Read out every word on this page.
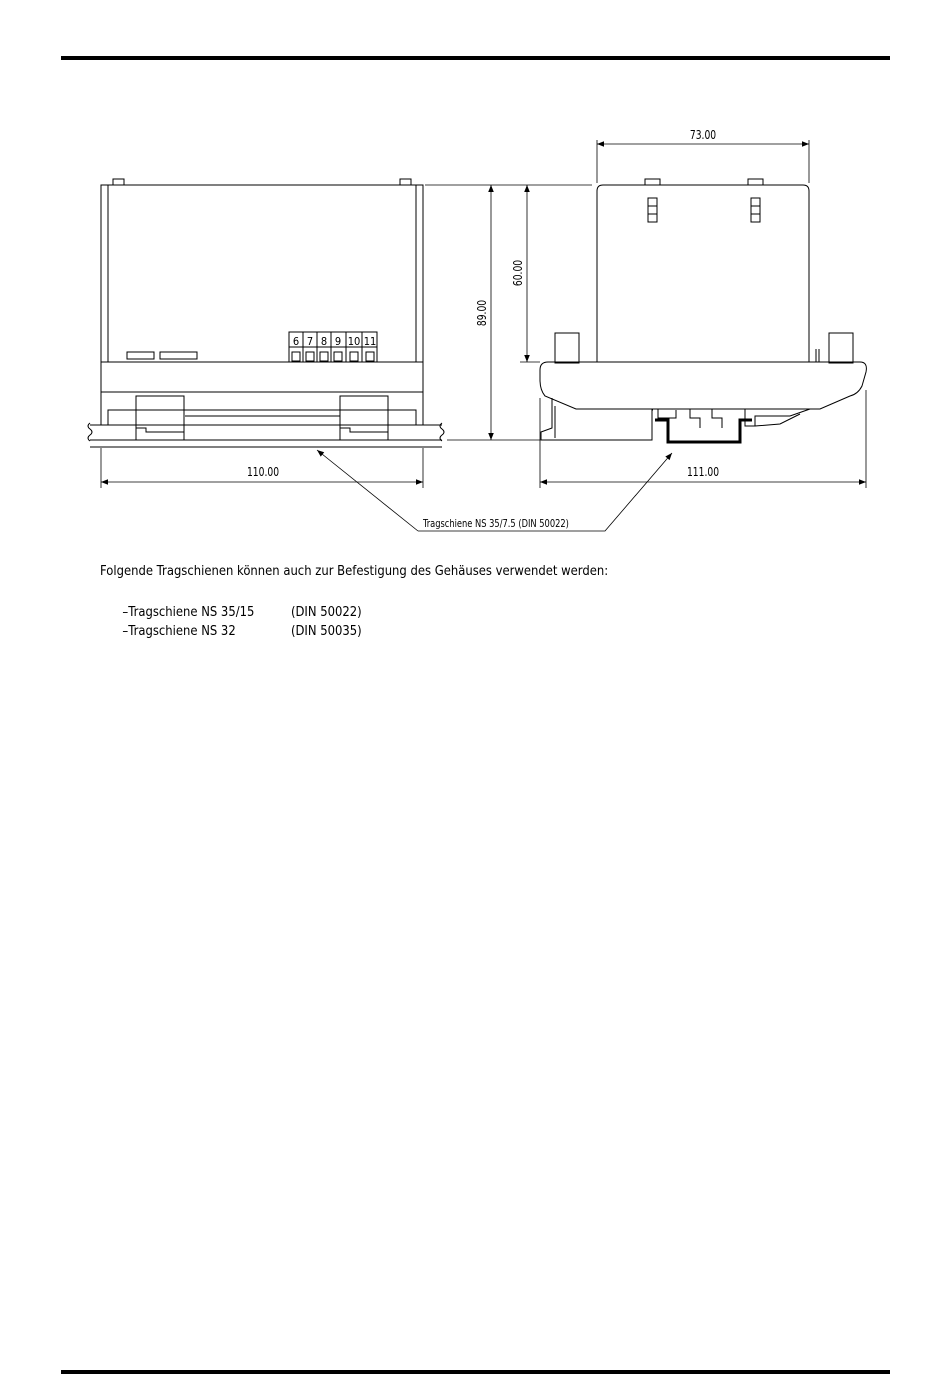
6 7 8 9 10 11
110.00	111.00
73.00
89.00
60.00
Tragschiene NS 35/7.5 (DIN 50022)
Folgende Tragschienen können auch zur Befestigung des Gehäuses verwendet werden:

–Tragschiene NS 35/15	(DIN 50022)

–Tragschiene NS 32	(DIN 50035)
